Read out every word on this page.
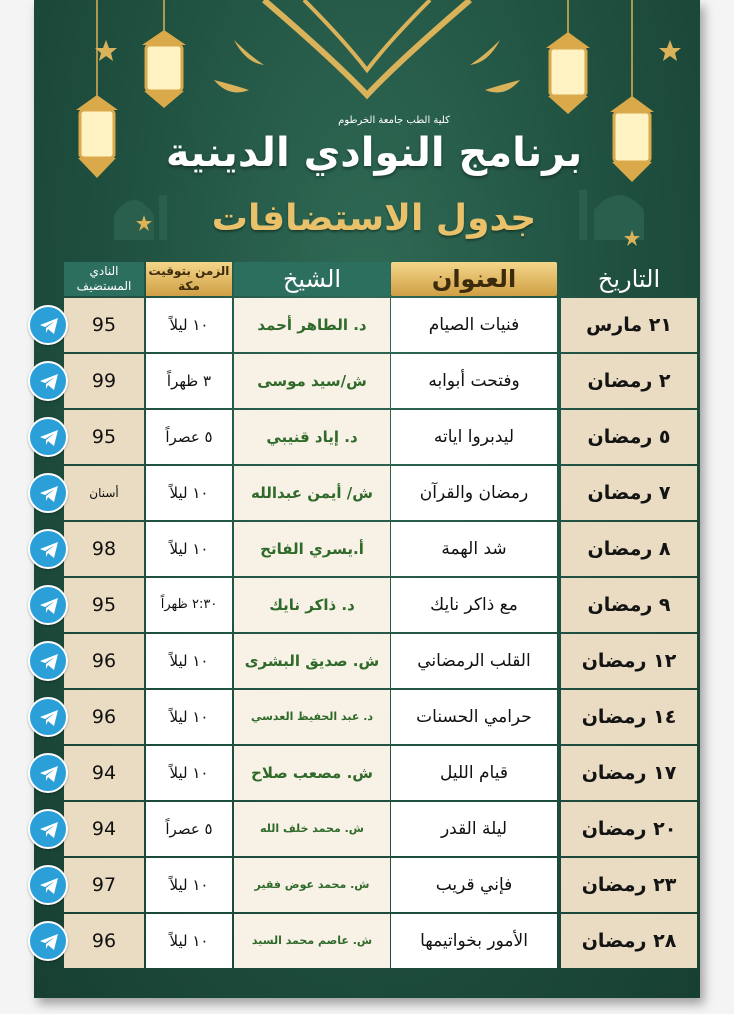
كلية الطب جامعة الخرطوم
برنامج النوادي الدينية
جدول الاستضافات
التاريخ
العنوان
الشيخ
الزمن بتوقيت مكة
النادي المستضيف
٢١ مارس
فنيات الصيام
د. الطاهر أحمد
١٠ ليلاً
95
٢ رمضان
وفتحت أبوابه
ش/سيد موسى
٣ ظهراً
99
٥ رمضان
ليدبروا اياته
د. إياد قنيبي
٥ عصراً
95
٧ رمضان
رمضان والقرآن
ش/ أيمن عبدالله
١٠ ليلاً
أسنان
٨ رمضان
شد الهمة
أ.يسري الفاتح
١٠ ليلاً
98
٩ رمضان
مع ذاكر نايك
د. ذاكر نايك
٢:٣٠ ظهراً
95
١٢ رمضان
القلب الرمضاني
ش. صديق البشرى
١٠ ليلاً
96
١٤ رمضان
حرامي الحسنات
د. عبد الحفيظ العدسي
١٠ ليلاً
96
١٧ رمضان
قيام الليل
ش. مصعب صلاح
١٠ ليلاً
94
٢٠ رمضان
ليلة القدر
ش. محمد خلف الله
٥ عصراً
94
٢٣ رمضان
فإني قريب
ش. محمد عوض فقير
١٠ ليلاً
97
٢٨ رمضان
الأمور بخواتيمها
ش. عاصم محمد السيد
١٠ ليلاً
96
